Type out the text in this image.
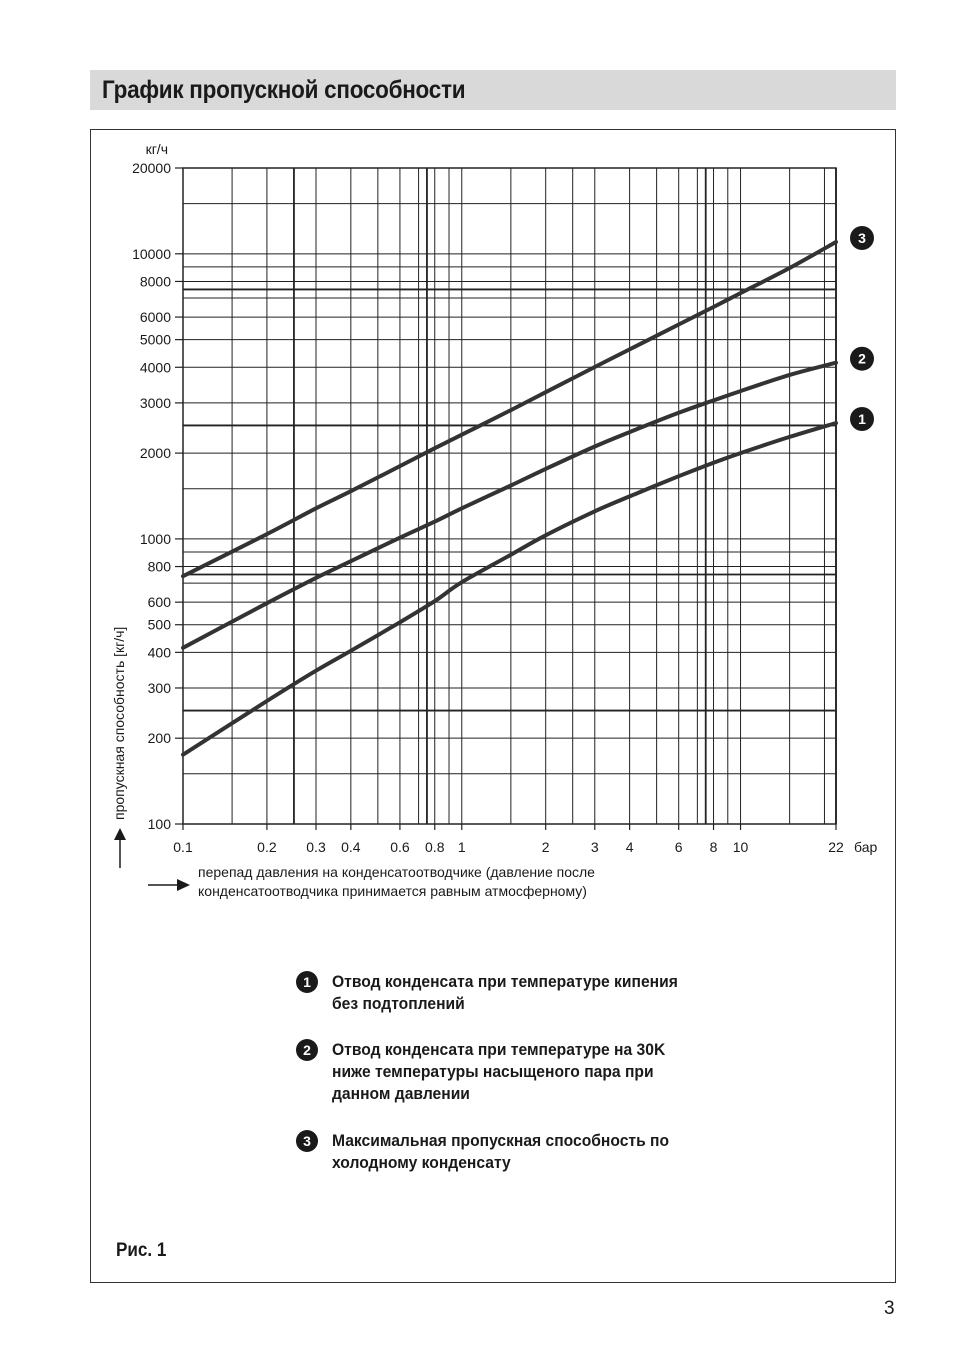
График пропускной способности
100
200
300
400
500
600
800
1000
2000
3000
4000
5000
6000
8000
10000
20000
0.1	0.2 0.3 0.4 0.6 0.8 1	2	3 4	6 8 10	22
кг/ч
бар
пропускная способность [кг/ч]
перепад давления на конденсатоотводчике (давление после
конденсатоотводчика принимается равным атмосферному)
1
2
3
1	Отвод конденсата при температуре кипения
без подтоплений
2	Отвод конденсата при температуре на 30K
ниже температуры насыщеного пара при
данном давлении
3	Максимальная пропускная способность по
холодному конденсату
Рис. 1
3
